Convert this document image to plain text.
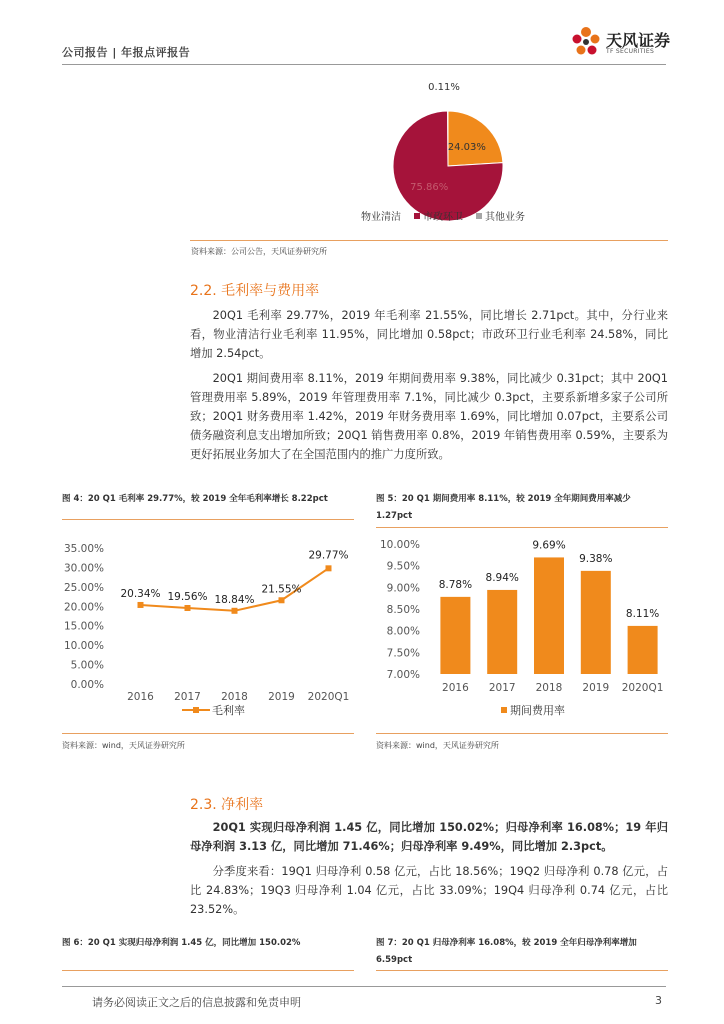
公司报告 | 年报点评报告
天风证券
TF SECURITIES
24.03%
75.86%
0.11%
物业清洁 市政环卫 其他业务
资料来源：公司公告，天风证券研究所
2.2. 毛利率与费用率

20Q1 毛利率 29.77%，2019 年毛利率 21.55%，同比增长 2.71pct。其中，分行业来看，物业清洁行业毛利率 11.95%，同比增加 0.58pct；市政环卫行业毛利率 24.58%，同比增加 2.54pct。

20Q1 期间费用率 8.11%，2019 年期间费用率 9.38%，同比减少 0.31pct；其中 20Q1 管理费用率 5.89%，2019 年管理费用率 7.1%，同比减少 0.3pct，主要系新增多家子公司所致；20Q1 财务费用率 1.42%，2019 年财务费用率 1.69%，同比增加 0.07pct，主要系公司债务融资利息支出增加所致；20Q1 销售费用率 0.8%，2019 年销售费用率 0.59%，主要系为更好拓展业务加大了在全国范围内的推广力度所致。

图 4：20 Q1 毛利率 29.77%，较 2019 全年毛利率增长 8.22pct
0.00%
5.00%
10.00%
15.00%
20.00%
25.00%
30.00%
35.00%
2016 2017 2018 2019 2020Q1
20.34% 19.56% 18.84%
21.55%
29.77%
毛利率
资料来源：wind，天风证券研究所
图 5：20 Q1 期间费用率 8.11%，较 2019 全年期间费用率减少
1.27pct
7.00%
7.50%
8.00%
8.50%
9.00%
9.50%
10.00%
2016 2017 2018 2019 2020Q1
8.78%
8.94%
9.69%
9.38%
8.11%
期间费用率
资料来源：wind，天风证券研究所
2.3. 净利率

20Q1 实现归母净利润 1.45 亿，同比增加 150.02%；归母净利率 16.08%；19 年归母净利润 3.13 亿，同比增加 71.46%；归母净利率 9.49%，同比增加 2.3pct。

分季度来看：19Q1 归母净利 0.58 亿元，占比 18.56%；19Q2 归母净利 0.78 亿元，占比 24.83%；19Q3 归母净利 1.04 亿元，占比 33.09%；19Q4 归母净利 0.74 亿元，占比 23.52%。

图 6：20 Q1 实现归母净利润 1.45 亿，同比增加 150.02%	图 7：20 Q1 归母净利率 16.08%，较 2019 全年归母净利率增加
6.59pct
请务必阅读正文之后的信息披露和免责申明	3
